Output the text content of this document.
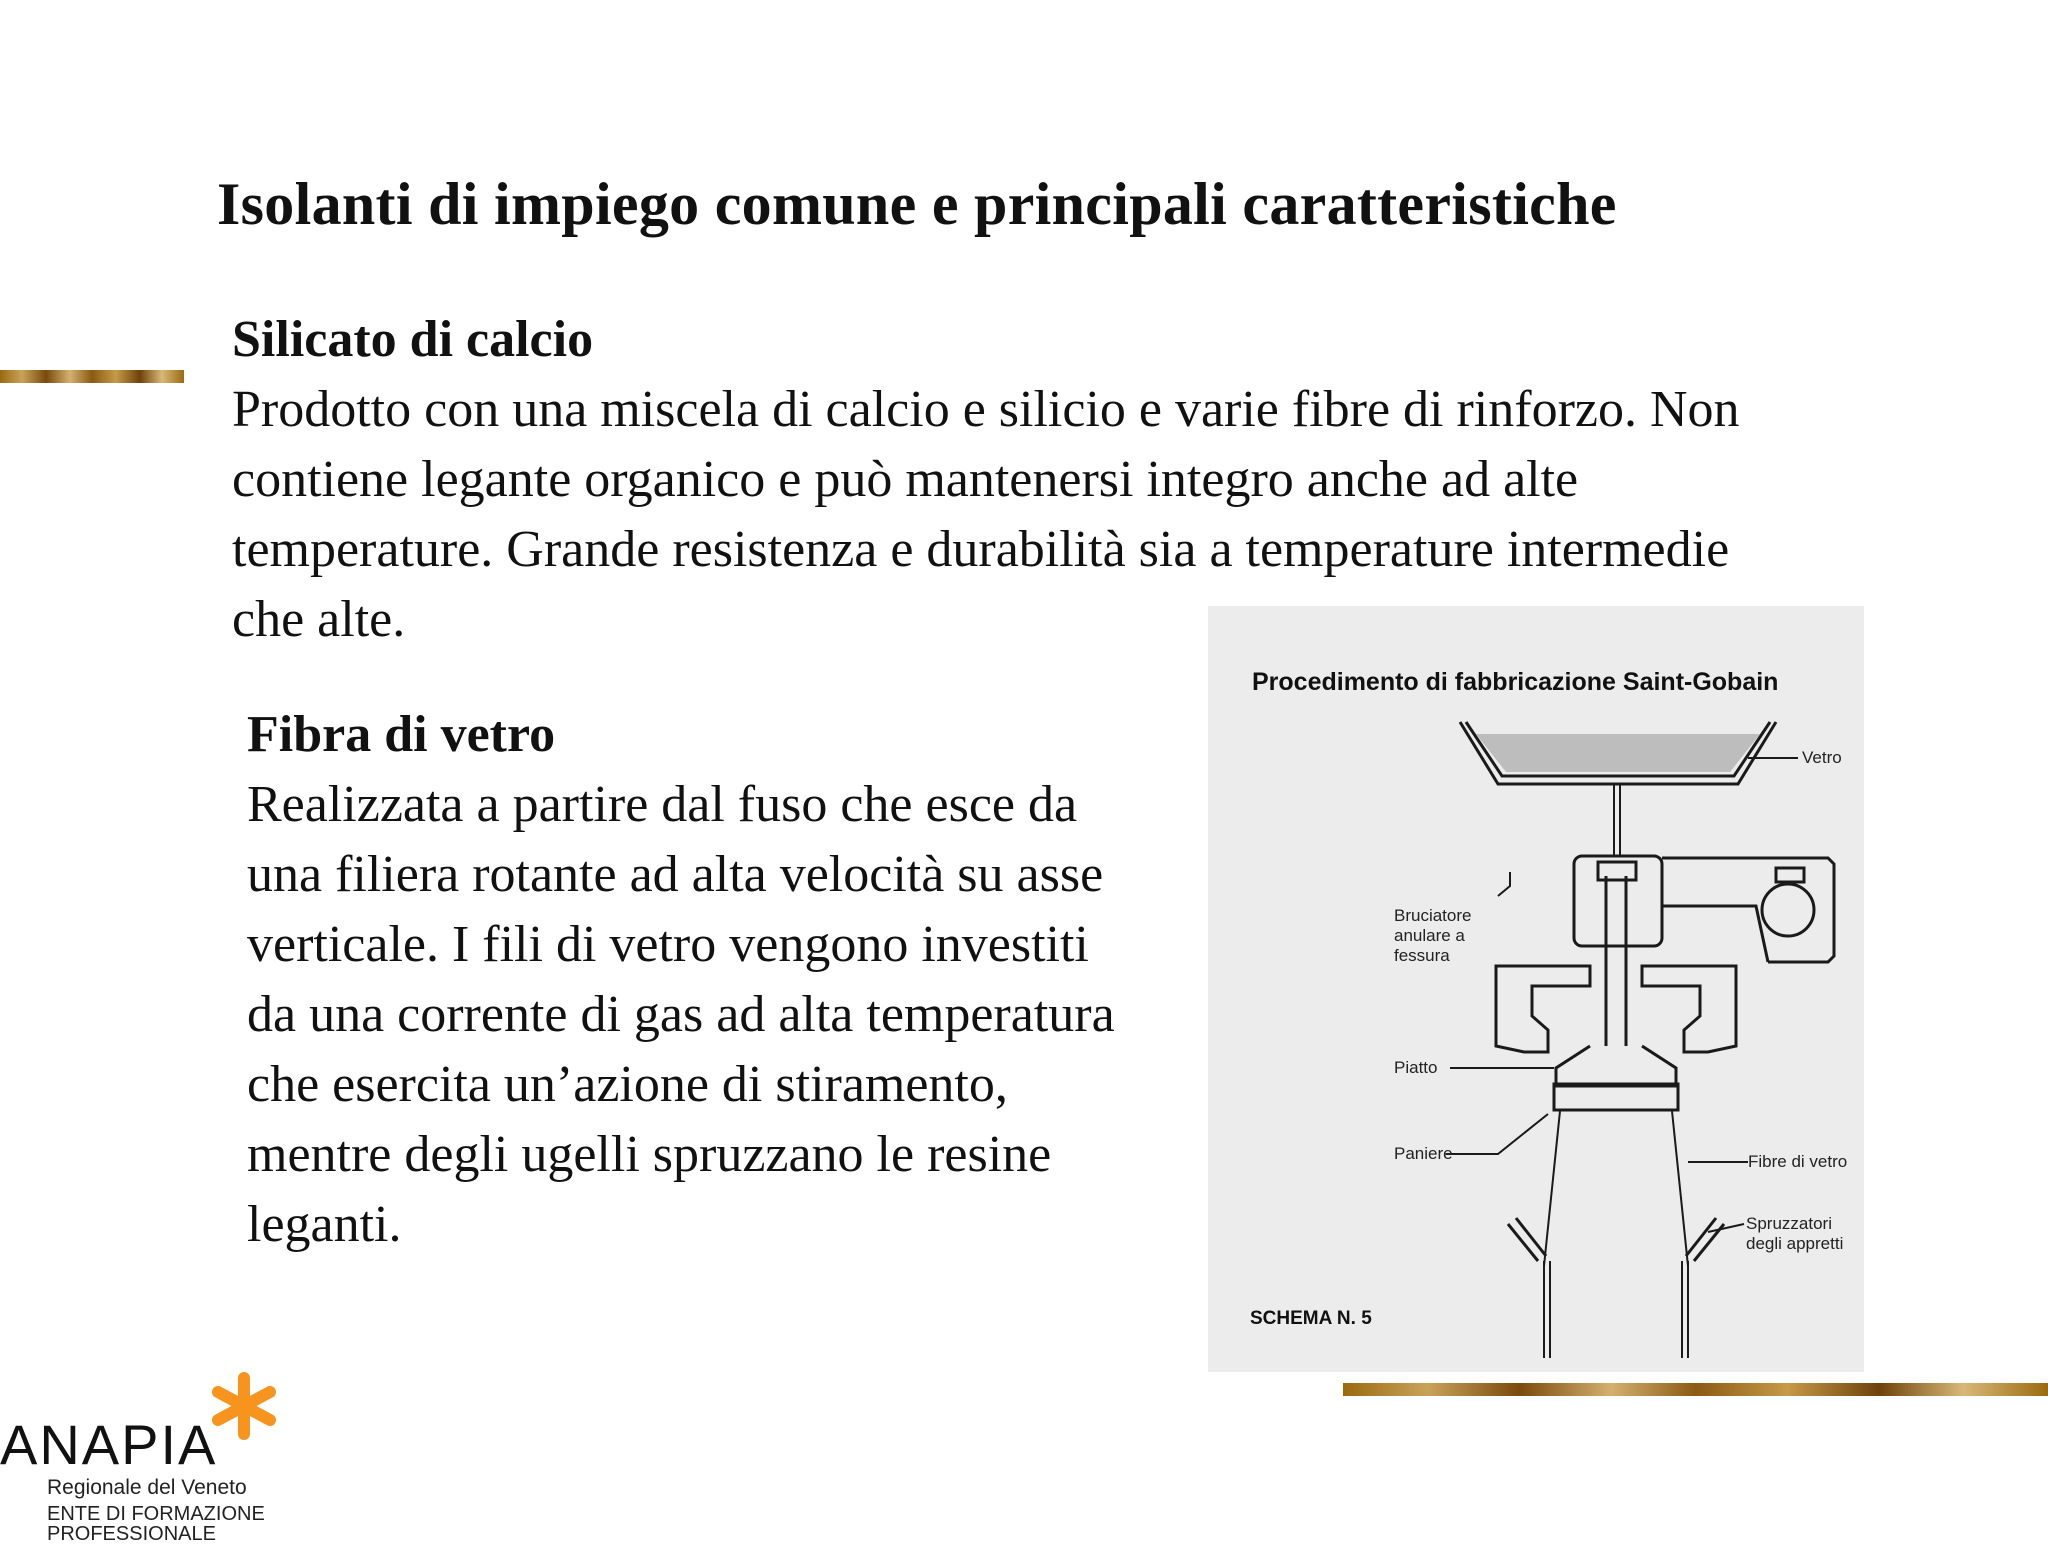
Isolanti di impiego comune e principali caratteristiche
Silicato di calcio

Prodotto con una miscela di calcio e silicio e varie fibre di rinforzo. Non contiene legante organico e può mantenersi integro anche ad alte temperature. Grande resistenza e durabilità sia a temperature intermedie che alte.

Fibra di vetro

Realizzata a partire dal fuso che esce da una filiera rotante ad alta velocità su asse verticale. I fili di vetro vengono investiti da una corrente di gas ad alta temperatura che esercita un’azione di stiramento, mentre degli ugelli spruzzano le resine leganti.

Procedimento di fabbricazione Saint-Gobain
Vetro
Bruciatore anulare a fessura
Piatto
Paniere	Fibre di vetro
Spruzzatori degli appretti
SCHEMA N. 5
ANAPIA
Regionale del Veneto
ENTE DI FORMAZIONE PROFESSIONALE
